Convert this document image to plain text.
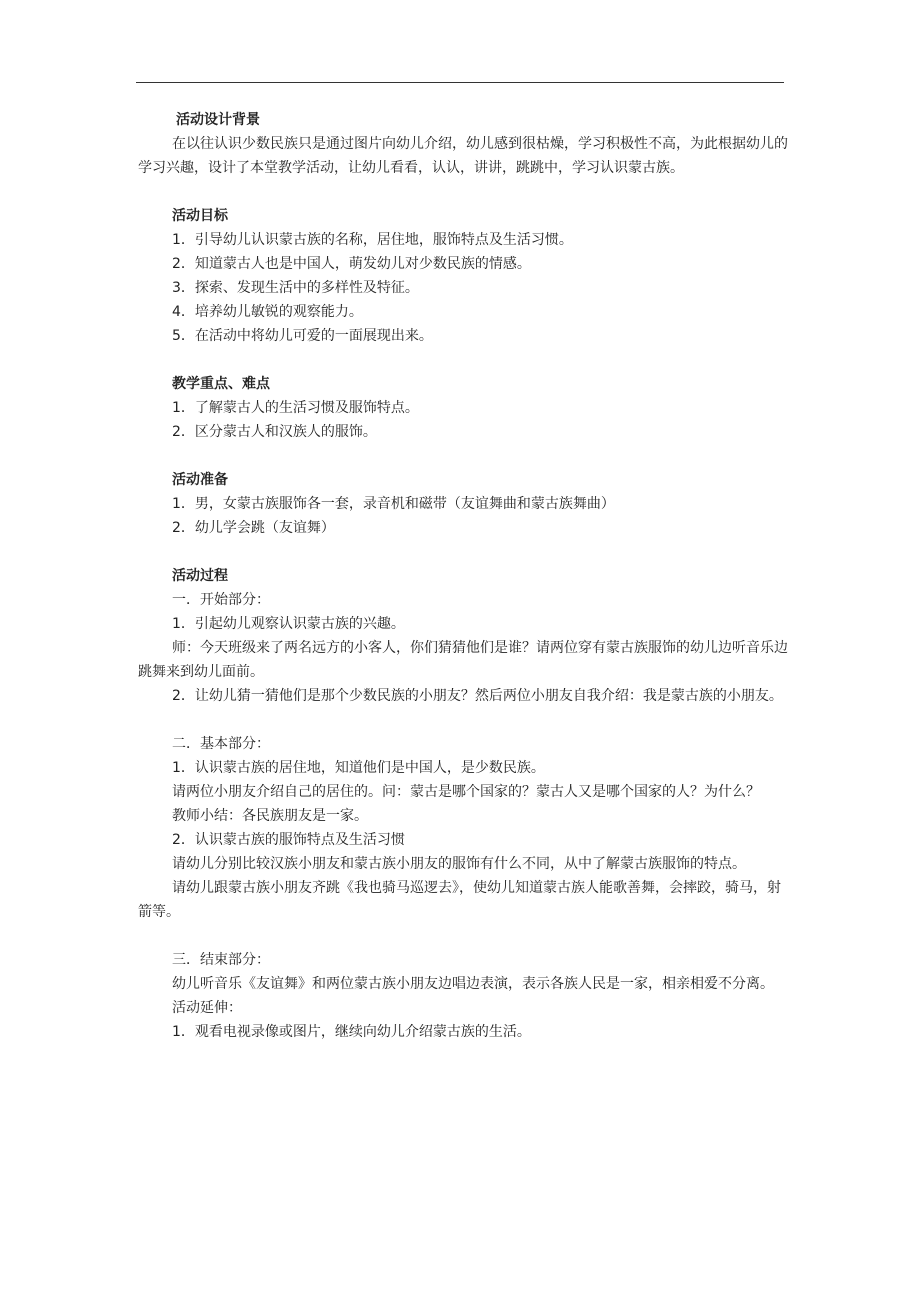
活动设计背景

在以往认识少数民族只是通过图片向幼儿介绍，幼儿感到很枯燥，学习积极性不高，为此根据幼儿的学习兴趣，设计了本堂教学活动，让幼儿看看，认认，讲讲，跳跳中，学习认识蒙古族。

活动目标

1．引导幼儿认识蒙古族的名称，居住地，服饰特点及生活习惯。

2．知道蒙古人也是中国人，萌发幼儿对少数民族的情感。

3．探索、发现生活中的多样性及特征。

4．培养幼儿敏锐的观察能力。

5．在活动中将幼儿可爱的一面展现出来。

教学重点、难点

1．了解蒙古人的生活习惯及服饰特点。

2．区分蒙古人和汉族人的服饰。

活动准备

1．男，女蒙古族服饰各一套，录音机和磁带（友谊舞曲和蒙古族舞曲）

2．幼儿学会跳（友谊舞）

活动过程

一．开始部分：

1．引起幼儿观察认识蒙古族的兴趣。

师：今天班级来了两名远方的小客人，你们猜猜他们是谁？请两位穿有蒙古族服饰的幼儿边听音乐边跳舞来到幼儿面前。

2．让幼儿猜一猜他们是那个少数民族的小朋友？然后两位小朋友自我介绍：我是蒙古族的小朋友。

二．基本部分：

1．认识蒙古族的居住地，知道他们是中国人，是少数民族。

请两位小朋友介绍自己的居住的。问：蒙古是哪个国家的？蒙古人又是哪个国家的人？为什么？

教师小结：各民族朋友是一家。

2．认识蒙古族的服饰特点及生活习惯

请幼儿分别比较汉族小朋友和蒙古族小朋友的服饰有什么不同，从中了解蒙古族服饰的特点。

请幼儿跟蒙古族小朋友齐跳《我也骑马巡逻去》，使幼儿知道蒙古族人能歌善舞，会摔跤，骑马，射箭等。

三．结束部分：

幼儿听音乐《友谊舞》和两位蒙古族小朋友边唱边表演，表示各族人民是一家，相亲相爱不分离。

活动延伸：

1．观看电视录像或图片，继续向幼儿介绍蒙古族的生活。
